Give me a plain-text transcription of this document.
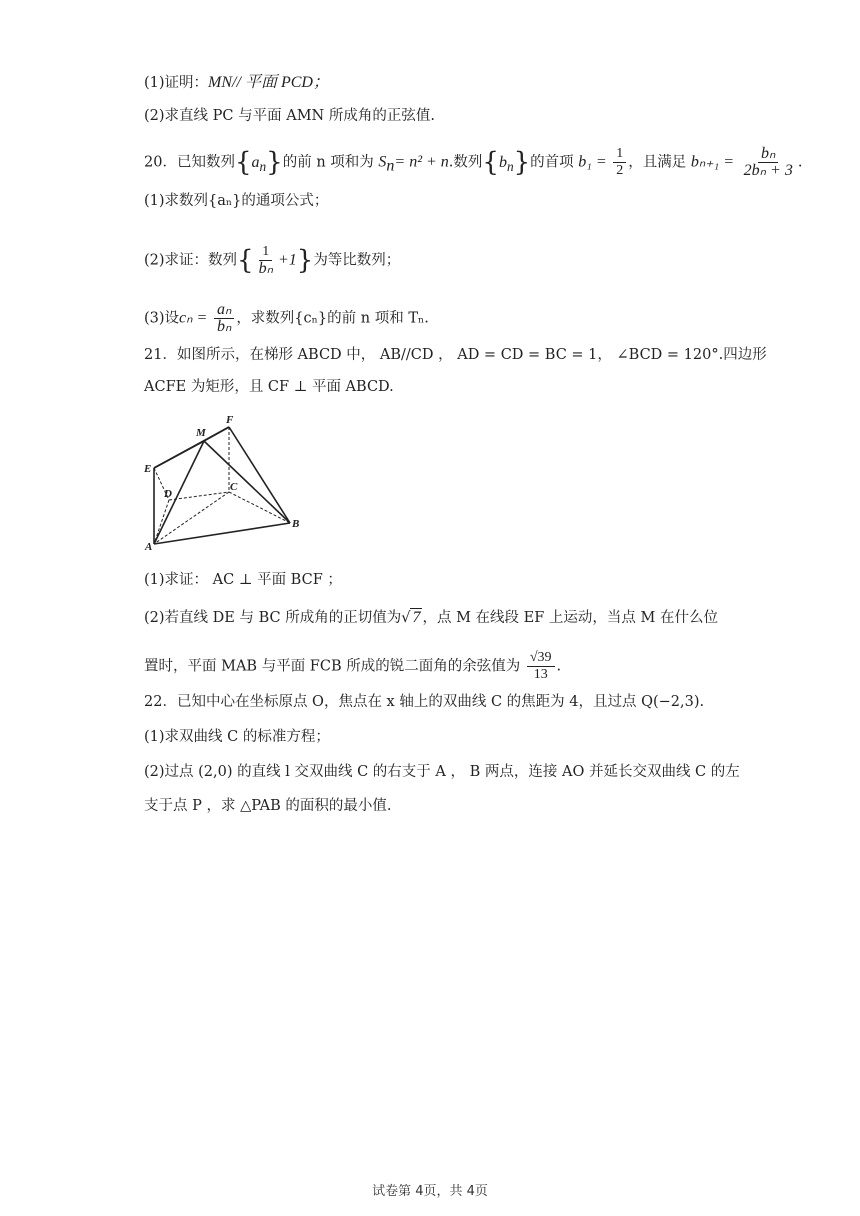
(1)证明：MN// 平面 PCD；
(2)求直线 PC 与平面 AMN 所成角的正弦值.
20．已知数列$\{a_n\}$的前 n 项和为 $S_n= n^2 + n$.数列$\{b_n\}$的首项 $b_1 = \frac{1}{2}$ ，且满足 $b_{n+1} = \frac{\text{bₙ}}{\text{2bₙ + 3}}$ .
(1)求数列{aₙ}的通项公式；
(2)求证：数列{ $\frac{1}{\text{bₙ}} +1$}为等比数列；
(3)设$c_n = \frac{\text{aₙ}}{\text{bₙ}}$ ，求数列{cₙ}的前 n 项和 Tₙ.
21．如图所示，在梯形 ABCD 中， AB//CD ， AD = CD = BC = 1， ∠BCD = 120°.四边形
ACFE 为矩形，且 CF ⊥ 平面 ABCD.
F
M
E
D
C
A
B
(1)求证： AC ⊥ 平面 BCF ；
(2)若直线 DE 与 BC 所成角的正切值为√ 7 ，点 M 在线段 EF 上运动，当点 M 在什么位
置时，平面 MAB 与平面 FCB 所成的锐二面角的余弦值为 $\frac{√39}{13}$ .
22．已知中心在坐标原点 O，焦点在 x 轴上的双曲线 C 的焦距为 4，且过点 Q(−2,3).
(1)求双曲线 C 的标准方程；
(2)过点 (2,0) 的直线 l 交双曲线 C 的右支于 A ， B 两点，连接 AO 并延长交双曲线 C 的左
支于点 P ，求 △PAB 的面积的最小值.
试卷第 4页，共 4页
